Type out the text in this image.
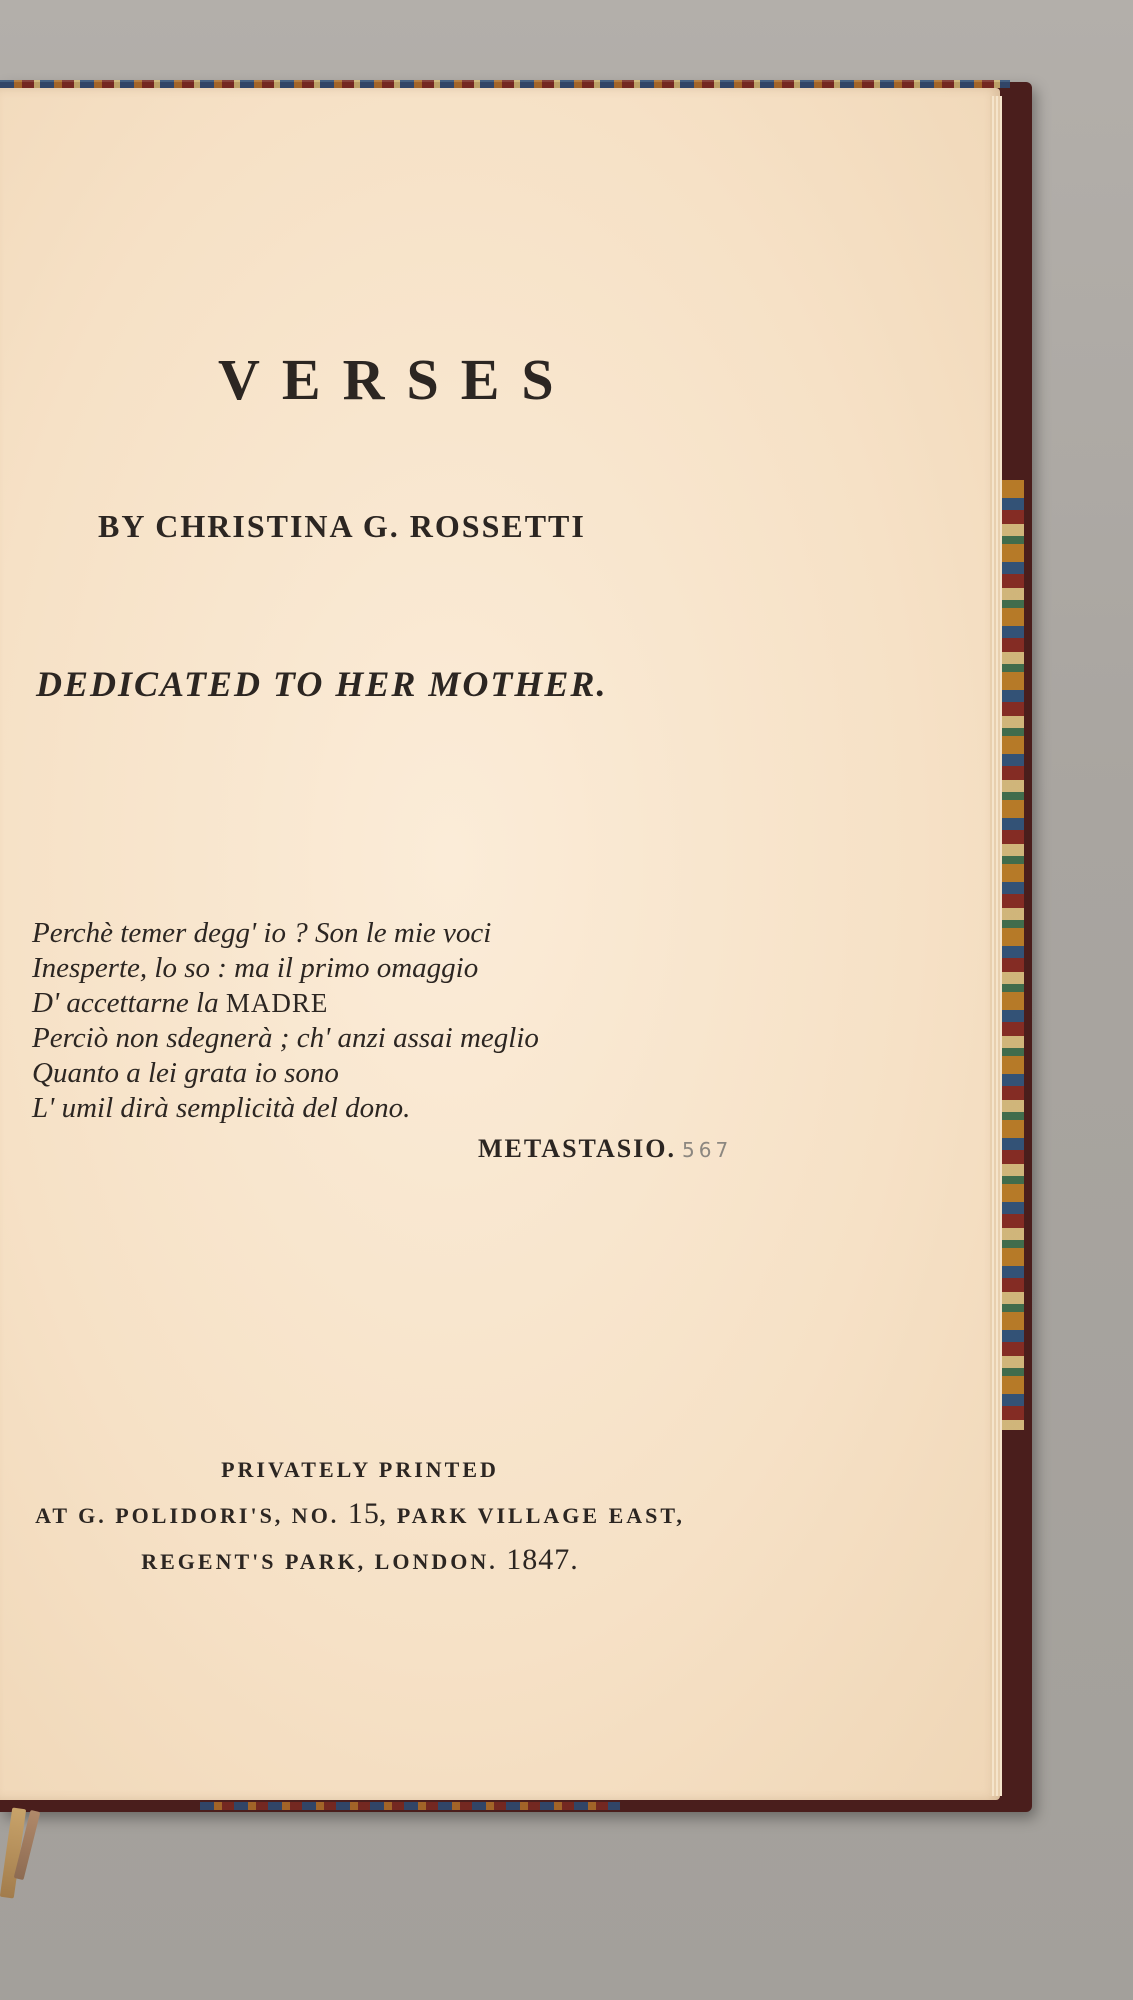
VERSES
BY CHRISTINA G. ROSSETTI
DEDICATED TO HER MOTHER.
Perchè temer degg' io ? Son le mie voci
Inesperte, lo so : ma il primo omaggio
D' accettarne la MADRE
Perciò non sdegnerà ; ch' anzi assai meglio
Quanto a lei grata io sono
L' umil dirà semplicità del dono.
METASTASIO. 567
PRIVATELY PRINTED
AT G. POLIDORI'S, NO. 15, PARK VILLAGE EAST,
REGENT'S PARK, LONDON. 1847.
